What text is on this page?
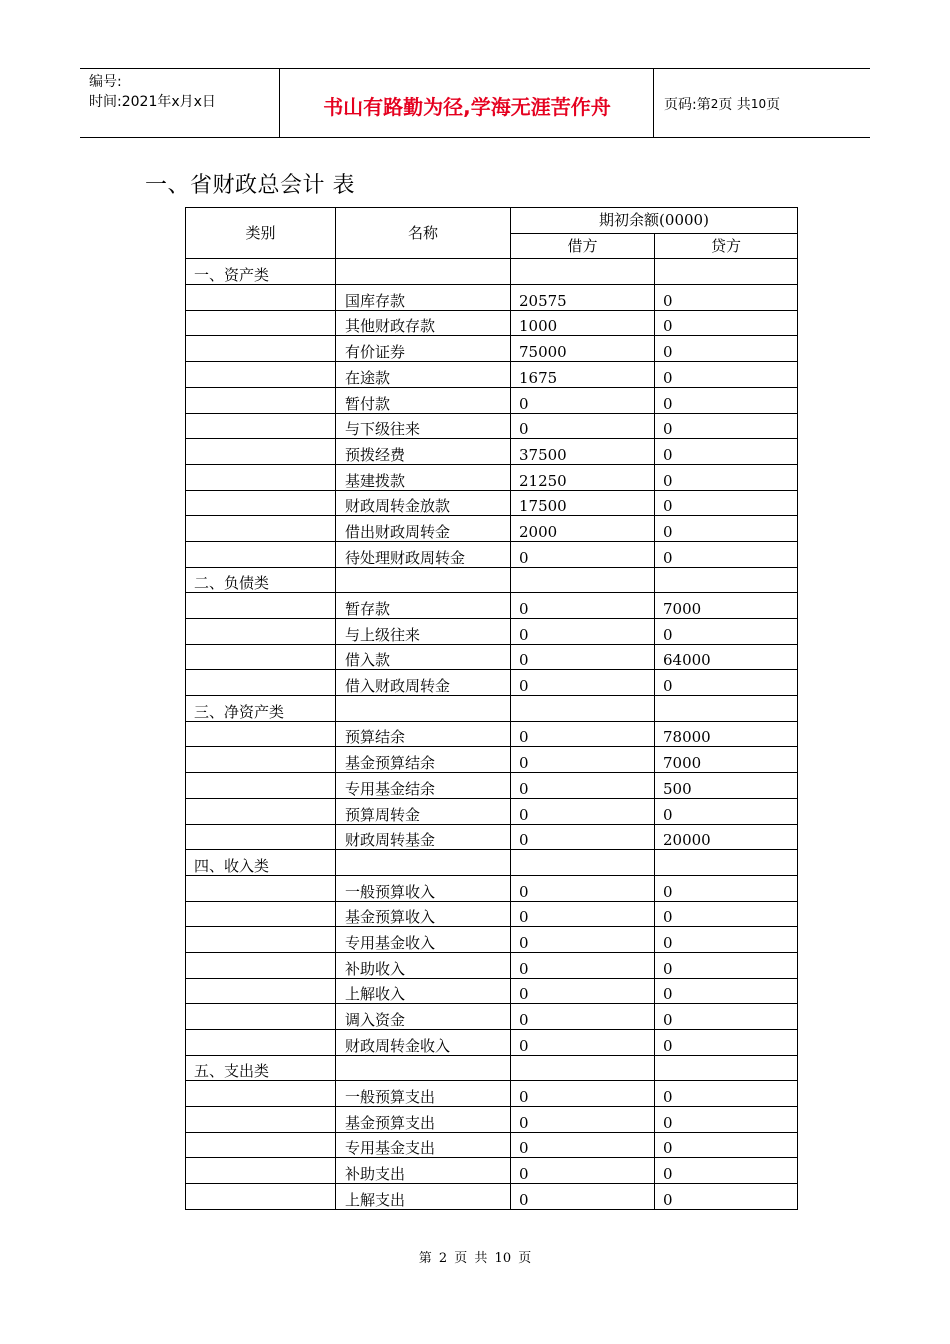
编号:
时间:2021年x月x日	书山有路勤为径,学海无涯苦作舟	页码:第 2 页 共 10 页
一、省财政总会计 表
类别	名称	期初余额(0000)	
		借方	贷方
一、资产类			
	国库存款	20575	0
	其他财政存款	1000	0
	有价证券	75000	0
	在途款	1675	0
	暂付款	0	0
	与下级往来	0	0
	预拨经费	37500	0
	基建拨款	21250	0
	财政周转金放款	17500	0
	借出财政周转金	2000	0
	待处理财政周转金	0	0
二、负债类			
	暂存款	0	7000
	与上级往来	0	0
	借入款	0	64000
	借入财政周转金	0	0
三、净资产类			
	预算结余	0	78000
	基金预算结余	0	7000
	专用基金结余	0	500
	预算周转金	0	0
	财政周转基金	0	20000
四、收入类			
	一般预算收入	0	0
	基金预算收入	0	0
	专用基金收入	0	0
	补助收入	0	0
	上解收入	0	0
	调入资金	0	0
	财政周转金收入	0	0
五、支出类			
	一般预算支出	0	0
	基金预算支出	0	0
	专用基金支出	0	0
	补助支出	0	0
	上解支出	0	0
第 2 页 共 10 页
